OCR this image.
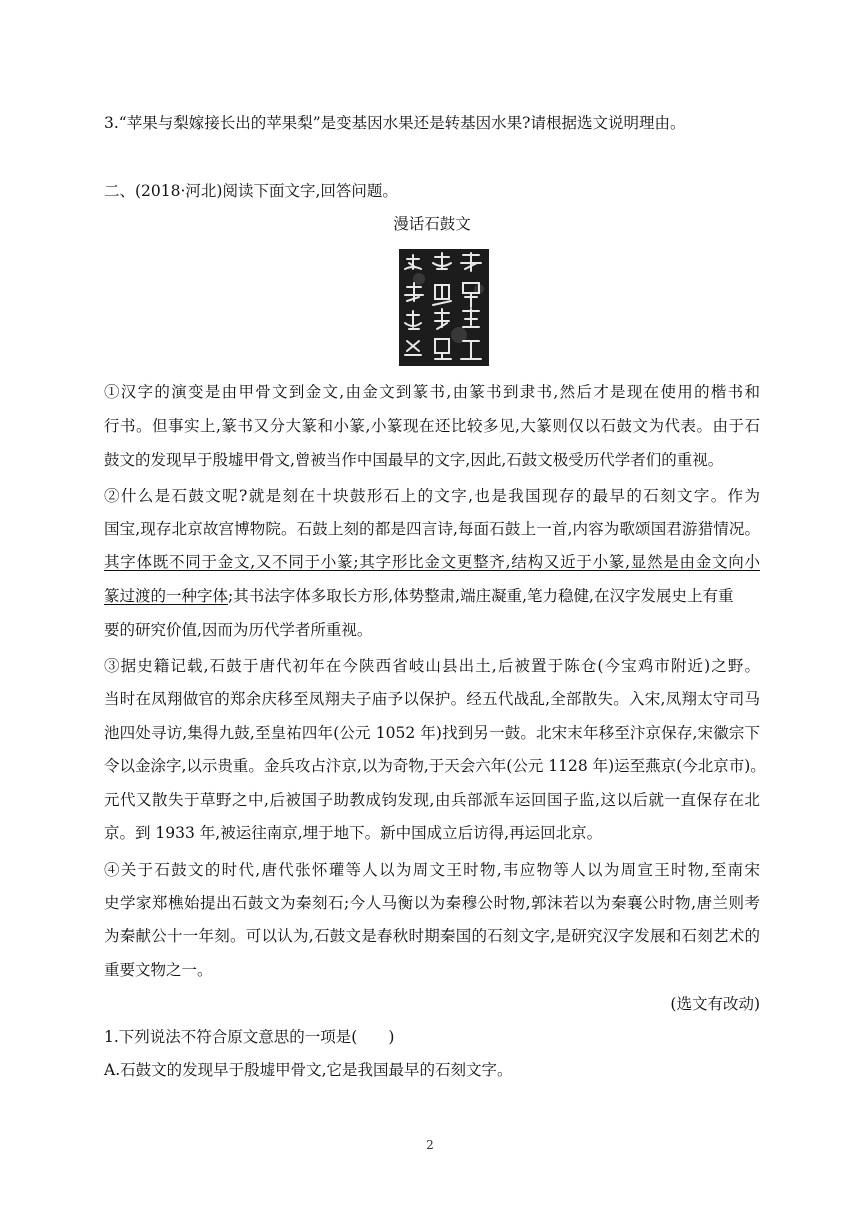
3.“苹果与梨嫁接长出的苹果梨”是变基因水果还是转基因水果?请根据选文说明理由。
二、(2018·河北)阅读下面文字,回答问题。
漫话石鼓文
①汉字的演变是由甲骨文到金文,由金文到篆书,由篆书到隶书,然后才是现在使用的楷书和
行书。但事实上,篆书又分大篆和小篆,小篆现在还比较多见,大篆则仅以石鼓文为代表。由于石
鼓文的发现早于殷墟甲骨文,曾被当作中国最早的文字,因此,石鼓文极受历代学者们的重视。
②什么是石鼓文呢?就是刻在十块鼓形石上的文字,也是我国现存的最早的石刻文字。作为
国宝,现存北京故宫博物院。石鼓上刻的都是四言诗,每面石鼓上一首,内容为歌颂国君游猎情况。
其字体既不同于金文,又不同于小篆;其字形比金文更整齐,结构又近于小篆,显然是由金文向小
篆过渡的一种字体;其书法字体多取长方形,体势整肃,端庄凝重,笔力稳健,在汉字发展史上有重
要的研究价值,因而为历代学者所重视。
③据史籍记载,石鼓于唐代初年在今陕西省岐山县出土,后被置于陈仓(今宝鸡市附近)之野。
当时在凤翔做官的郑余庆移至凤翔夫子庙予以保护。经五代战乱,全部散失。入宋,凤翔太守司马
池四处寻访,集得九鼓,至皇祐四年(公元 1052 年)找到另一鼓。北宋末年移至汴京保存,宋徽宗下
令以金涂字,以示贵重。金兵攻占汴京,以为奇物,于天会六年(公元 1128 年)运至燕京(今北京市)。
元代又散失于草野之中,后被国子助教成钧发现,由兵部派车运回国子监,这以后就一直保存在北
京。到 1933 年,被运往南京,埋于地下。新中国成立后访得,再运回北京。
④关于石鼓文的时代,唐代张怀瓘等人以为周文王时物,韦应物等人以为周宣王时物,至南宋
史学家郑樵始提出石鼓文为秦刻石;今人马衡以为秦穆公时物,郭沫若以为秦襄公时物,唐兰则考
为秦献公十一年刻。可以认为,石鼓文是春秋时期秦国的石刻文字,是研究汉字发展和石刻艺术的
重要文物之一。
(选文有改动)
1.下列说法不符合原文意思的一项是(　　)
A.石鼓文的发现早于殷墟甲骨文,它是我国最早的石刻文字。
2
